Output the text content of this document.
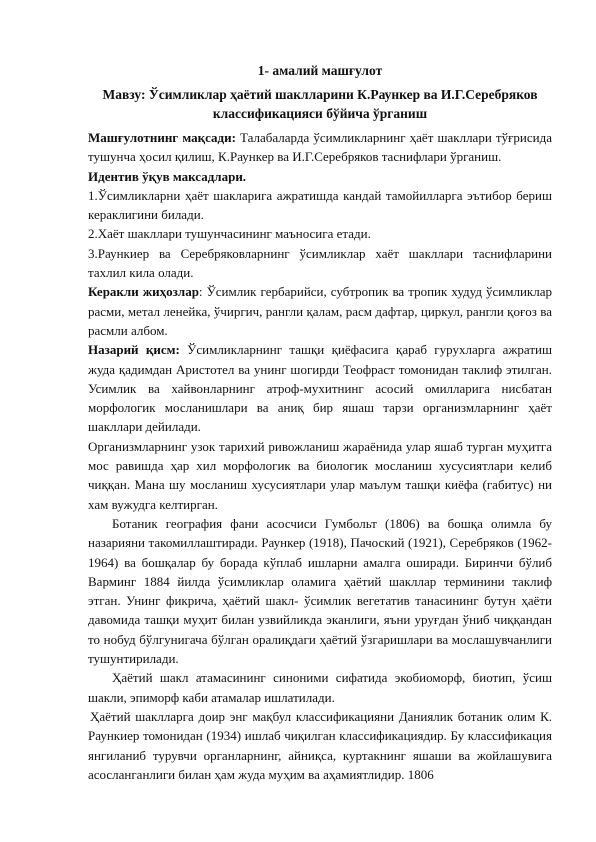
1- амалий машғулот
Мавзу: Ўсимликлар ҳаётий шаклларини К.Раункер ва И.Г.Серебряков классификацияси бўйича ўрганиш

Машғулотнинг мақсади: Талабаларда ўсимликларнинг ҳаёт шакллари тўғрисида тушунча ҳосил қилиш, К.Раункер ва И.Г.Серебряков таснифлари ўрганиш.

Идентив ўқув максадлари.

1.Ўсимликларни ҳаёт шакларига ажратишда кандай тамойилларга эътибор бериш кераклигини билади.

2.Хаёт шакллари тушунчасининг маъносига етади.

3.Раункиер ва Серебряковларнинг ўсимликлар хаёт шакллари таснифларини тахлил кила олади.

Керакли жиҳозлар: Ўсимлик гербарийси, субтропик ва тропик худуд ўсимликлар расми, метал ленейка, ўчиргич, рангли қалам, расм дафтар, циркул, рангли қоғоз ва расмли албом.

Назарий қисм: Ўсимликларнинг ташқи қиёфасига қараб гурухларга ажратиш жуда қадимдан Аристотел ва унинг шогирди Теофраст томонидан таклиф этилган. Усимлик ва хайвонларнинг атроф-мухитнинг асосий омилларига нисбатан морфологик мосланишлари ва аниқ бир яшаш тарзи организмларнинг ҳаёт шакллари дейилади.

Организмларнинг узок тарихий ривожланиш жараёнида улар яшаб турган муҳитга мос равишда ҳар хил морфологик ва биологик мосланиш хусусиятлари келиб чиққан. Мана шу мосланиш хусусиятлари улар маълум ташқи киёфа (габитус) ни хам вужудга келтирган.

Ботаник география фани асосчиси Гумбольт (1806) ва бошқа олимла бу назарияни такомиллаштиради. Раункер (1918), Пачоский (1921), Серебряков (1962-1964) ва бошқалар бу борада кўплаб ишларни амалга оширади. Биринчи бўлиб Варминг 1884 йилда ўсимликлар оламига ҳаётий шакллар терминини таклиф этган. Унинг фикрича, ҳаётий шакл- ўсимлик вегетатив танасининг бутун ҳаёти давомида ташқи муҳит билан узвийликда эканлиги, яъни уруғдан ўниб чиққандан то нобуд бўлгунигача бўлган оралиқдаги ҳаётий ўзгаришлари ва мослашувчанлиги тушунтирилади.

Ҳаётий шакл атамасининг синоними сифатида экобиоморф, биотип, ўсиш шакли, эпиморф каби атамалар ишлатилади.

Ҳаётий шаклларга доир энг мақбул классификацияни Даниялик ботаник олим К. Раункиер томонидан (1934) ишлаб чиқилган классификациядир. Бу классификация янгиланиб турувчи органларнинг, айниқса, куртакнинг яшаши ва жойлашувига асосланганлиги билан ҳам жуда муҳим ва аҳамиятлидир. 1806
